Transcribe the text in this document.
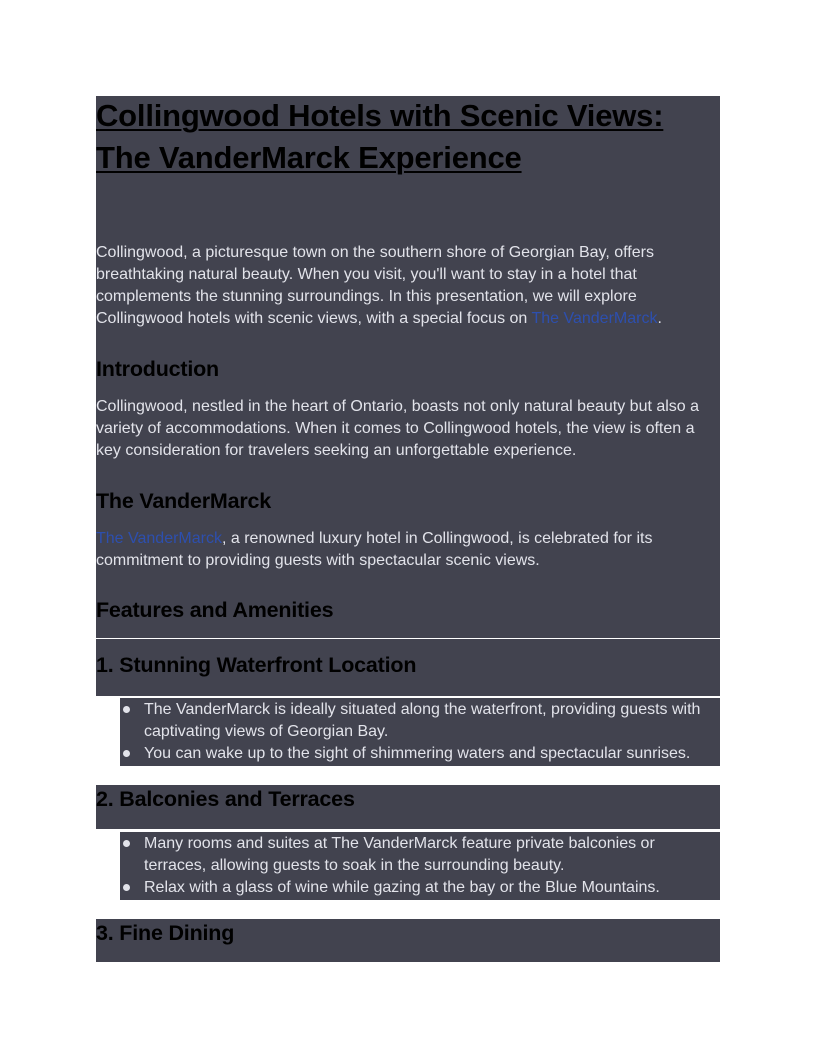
Collingwood Hotels with Scenic Views: The VanderMarck Experience

Collingwood, a picturesque town on the southern shore of Georgian Bay, offers breathtaking natural beauty. When you visit, you'll want to stay in a hotel that complements the stunning surroundings. In this presentation, we will explore Collingwood hotels with scenic views, with a special focus on The VanderMarck.

Introduction

Collingwood, nestled in the heart of Ontario, boasts not only natural beauty but also a variety of accommodations. When it comes to Collingwood hotels, the view is often a key consideration for travelers seeking an unforgettable experience.

The VanderMarck

The VanderMarck, a renowned luxury hotel in Collingwood, is celebrated for its commitment to providing guests with spectacular scenic views.

Features and Amenities
1. Stunning Waterfront Location
The VanderMarck is ideally situated along the waterfront, providing guests with captivating views of Georgian Bay.
You can wake up to the sight of shimmering waters and spectacular sunrises.
2. Balconies and Terraces
Many rooms and suites at The VanderMarck feature private balconies or terraces, allowing guests to soak in the surrounding beauty.
Relax with a glass of wine while gazing at the bay or the Blue Mountains.
3. Fine Dining
